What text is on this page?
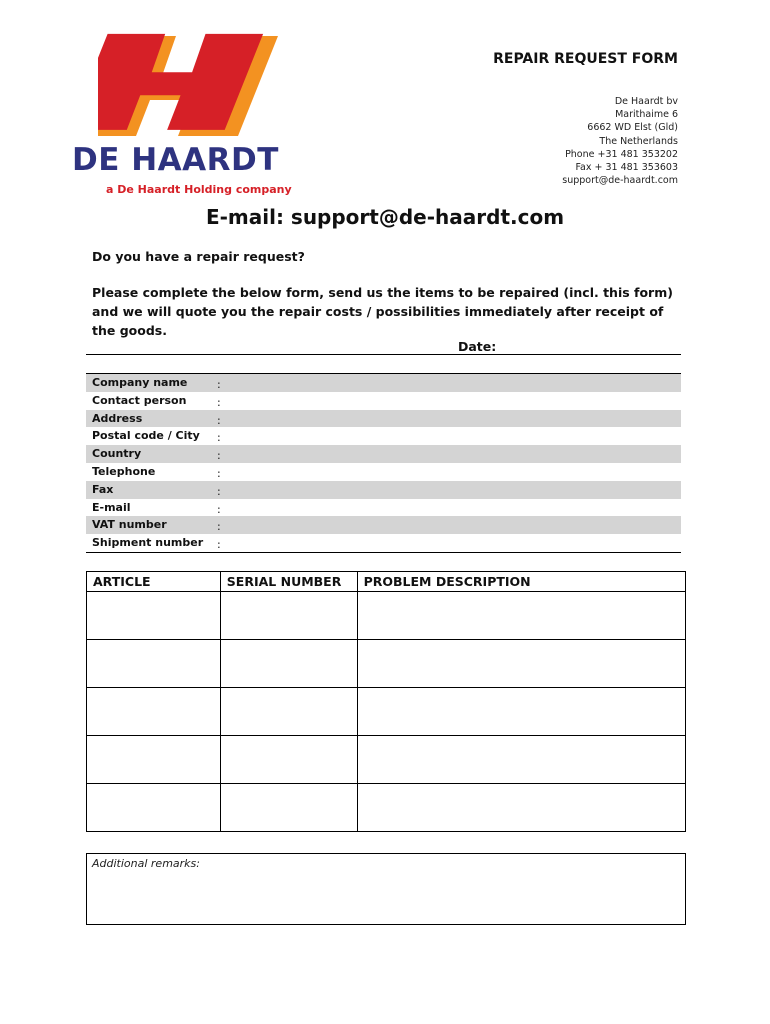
DE HAARDT
a De Haardt Holding company
REPAIR REQUEST FORM
De Haardt bv
Marithaime 6
6662 WD Elst (Gld)
The Netherlands
Phone +31 481 353202
Fax + 31 481 353603
support@de-haardt.com
E-mail: support@de-haardt.com
Do you have a repair request?
Please complete the below form, send us the items to be repaired (incl. this form) and we will quote you the repair costs / possibilities immediately after receipt of the goods.
Date:
Company name	:
Contact person	:
Address	:
Postal code / City :
Country	:
Telephone	:
Fax	:
E-mail	:
VAT number	:
Shipment number :
ARTICLE	SERIAL NUMBER	PROBLEM DESCRIPTION

Additional remarks:
